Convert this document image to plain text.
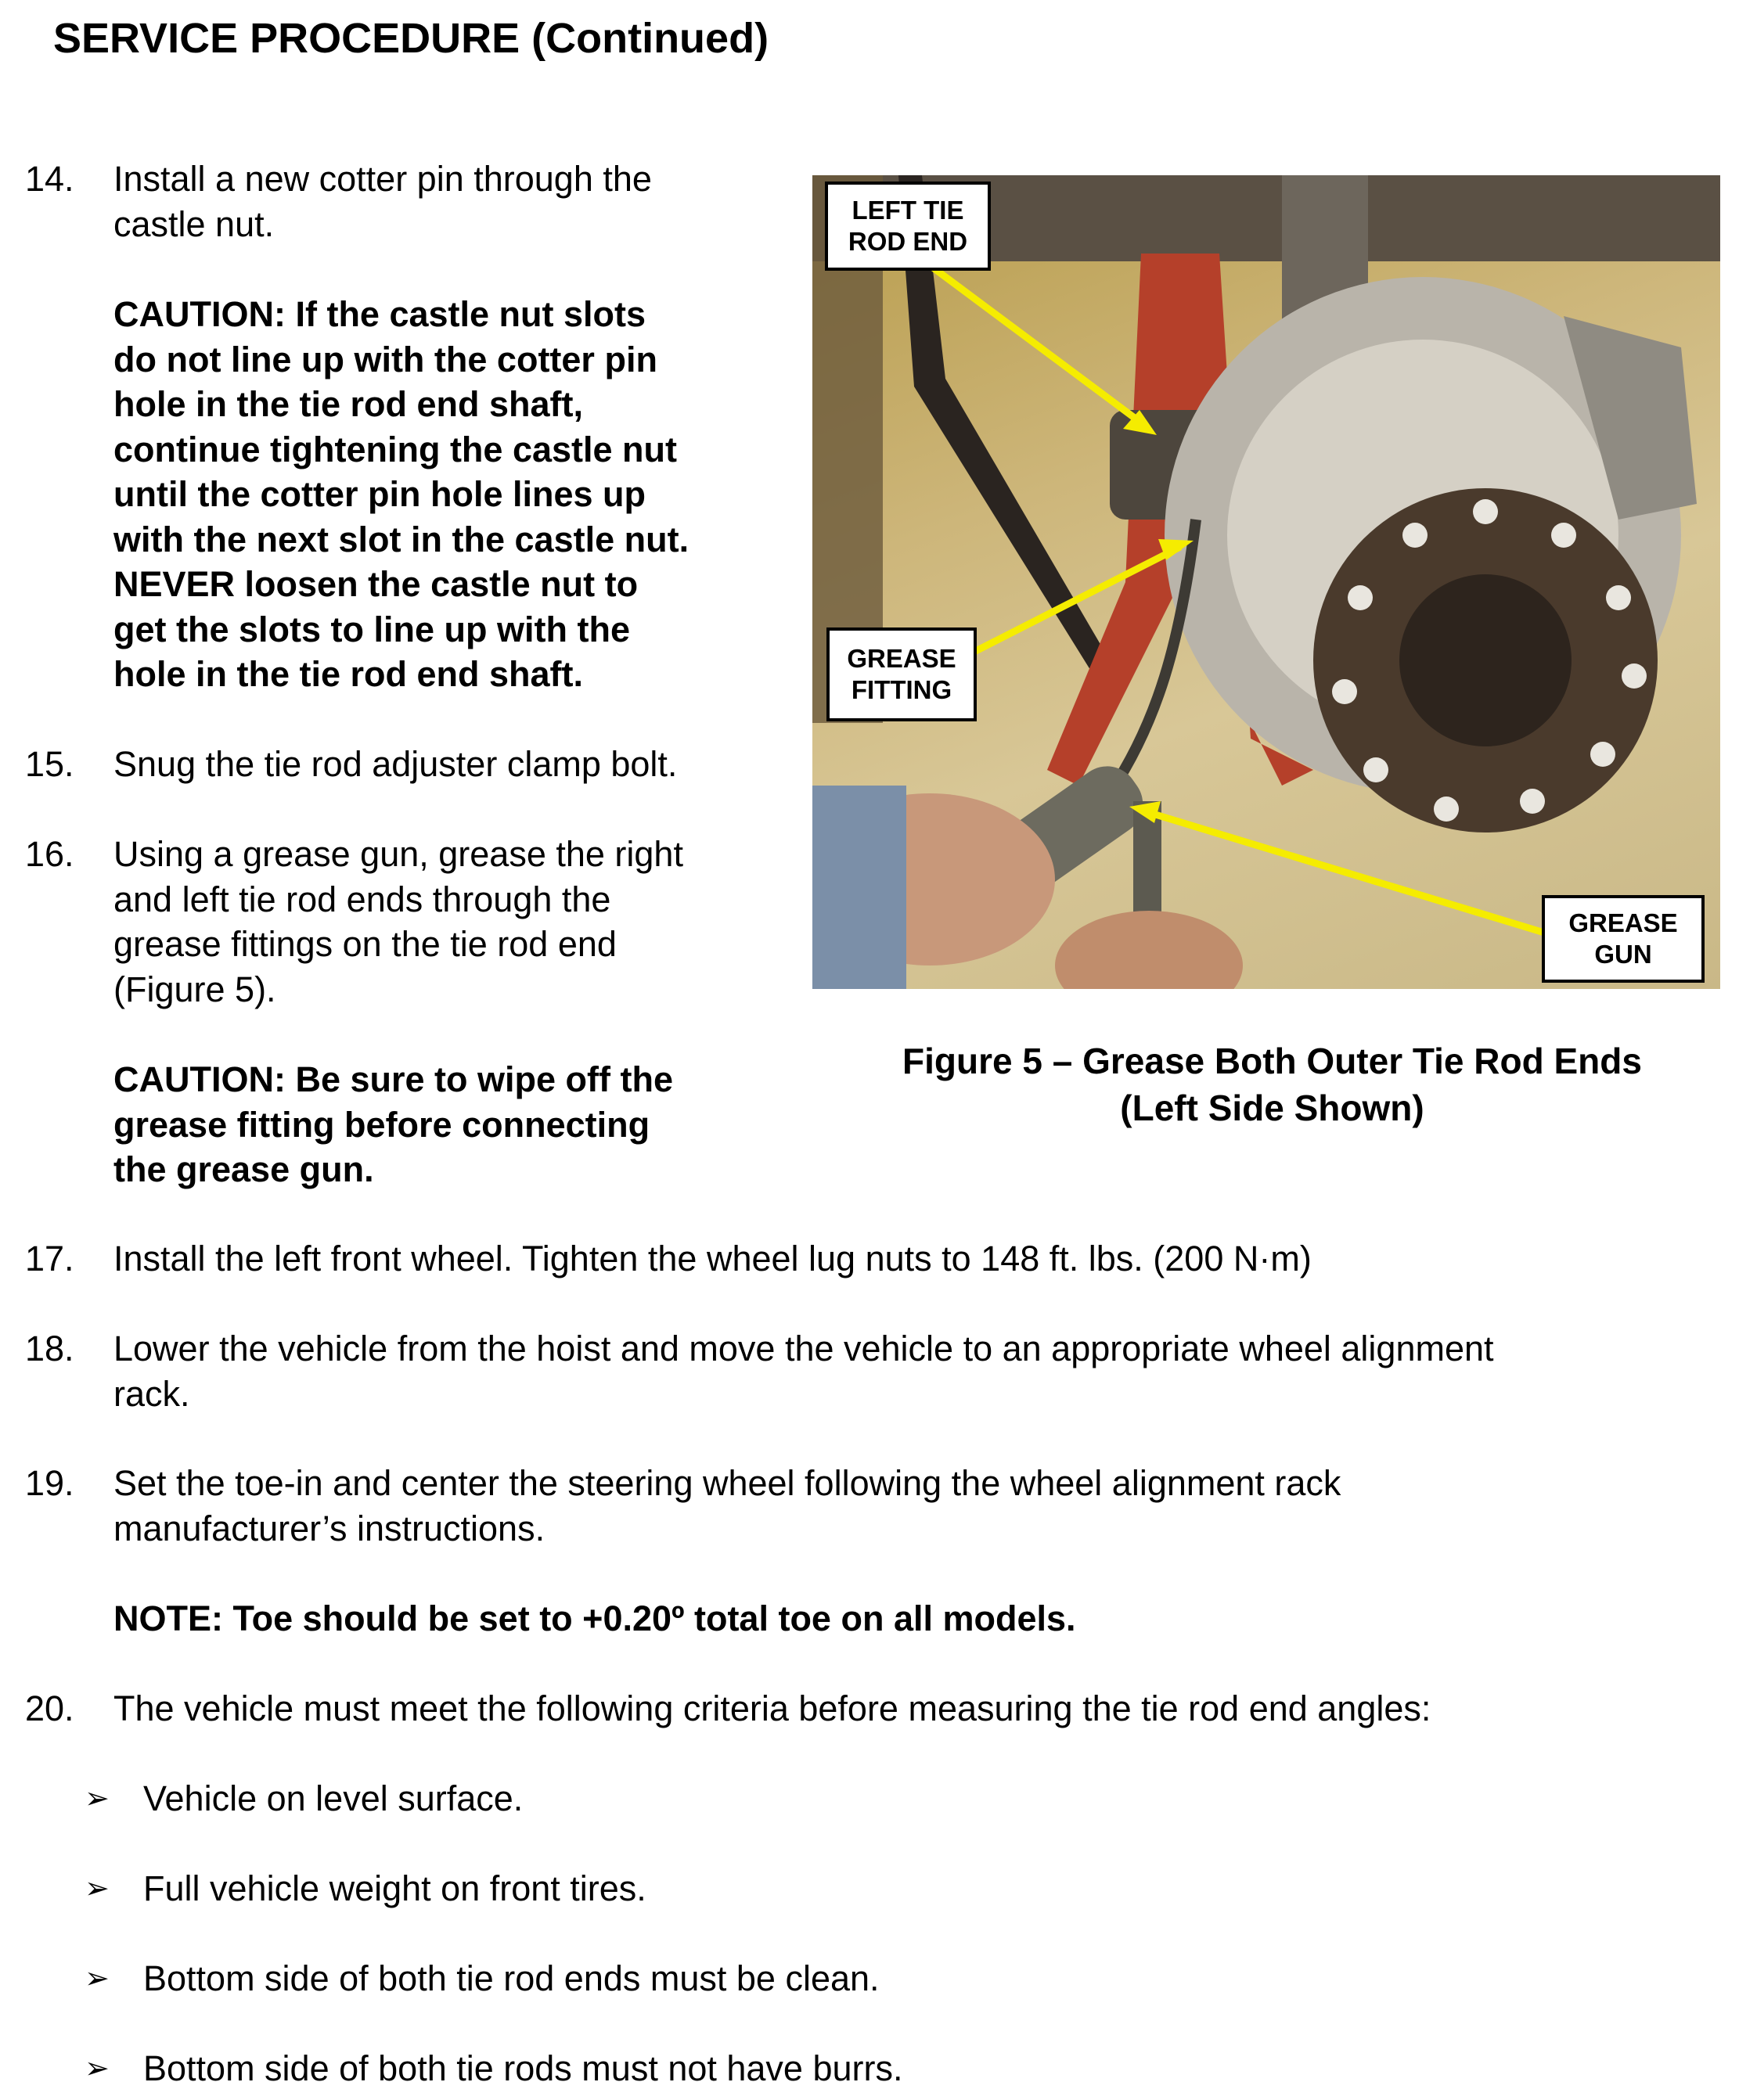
SERVICE PROCEDURE (Continued)
14. Install a new cotter pin through the
castle nut.
CAUTION: If the castle nut slots
do not line up with the cotter pin
hole in the tie rod end shaft,
continue tightening the castle nut
until the cotter pin hole lines up
with the next slot in the castle nut.
NEVER loosen the castle nut to
get the slots to line up with the
hole in the tie rod end shaft.
15. Snug the tie rod adjuster clamp bolt.
16. Using a grease gun, grease the right
and left tie rod ends through the
grease fittings on the tie rod end
(Figure 5).
CAUTION: Be sure to wipe off the
grease fitting before connecting
the grease gun.
17. Install the left front wheel. Tighten the wheel lug nuts to 148 ft. lbs. (200 N·m)
18. Lower the vehicle from the hoist and move the vehicle to an appropriate wheel alignment
rack.
19. Set the toe-in and center the steering wheel following the wheel alignment rack
manufacturer’s instructions.
NOTE: Toe should be set to +0.20º total toe on all models.
20. The vehicle must meet the following criteria before measuring the tie rod end angles:
➢ Vehicle on level surface.
➢ Full vehicle weight on front tires.
➢ Bottom side of both tie rod ends must be clean.
➢ Bottom side of both tie rods must not have burrs.
LEFT TIE
ROD END
GREASE
FITTING
GREASE
GUN
Figure 5 – Grease Both Outer Tie Rod Ends
(Left Side Shown)
